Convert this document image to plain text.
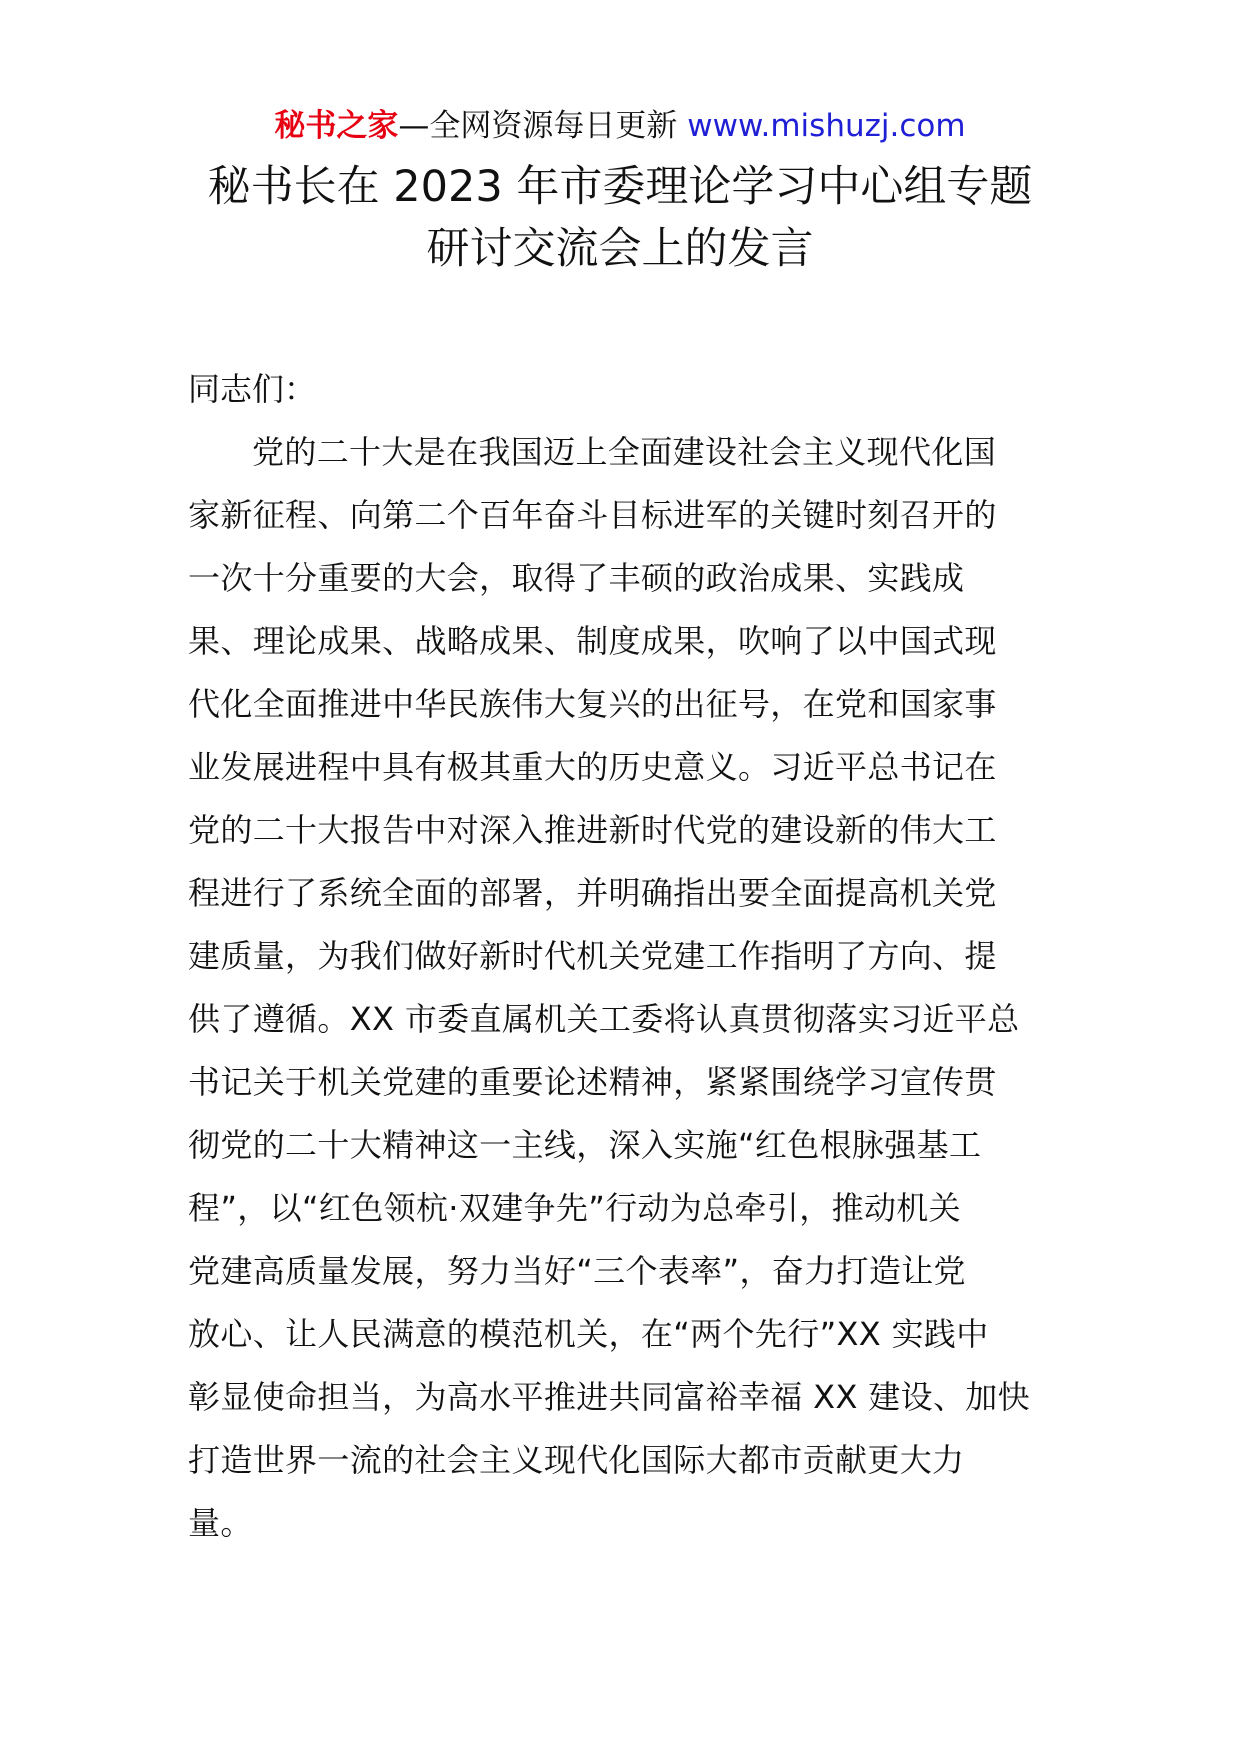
秘书之家—全网资源每日更新 www.mishuzj.com
秘书长在 2023 年市委理论学习中心组专题
研讨交流会上的发言

同志们：

党的二十大是在我国迈上全面建设社会主义现代化国

家新征程、向第二个百年奋斗目标进军的关键时刻召开的

一次十分重要的大会，取得了丰硕的政治成果、实践成

果、理论成果、战略成果、制度成果，吹响了以中国式现

代化全面推进中华民族伟大复兴的出征号，在党和国家事

业发展进程中具有极其重大的历史意义。习近平总书记在

党的二十大报告中对深入推进新时代党的建设新的伟大工

程进行了系统全面的部署，并明确指出要全面提高机关党

建质量，为我们做好新时代机关党建工作指明了方向、提

供了遵循。XX 市委直属机关工委将认真贯彻落实习近平总

书记关于机关党建的重要论述精神，紧紧围绕学习宣传贯

彻党的二十大精神这一主线，深入实施“红色根脉强基工

程”，以“红色领杭·双建争先”行动为总牵引，推动机关

党建高质量发展，努力当好“三个表率”，奋力打造让党

放心、让人民满意的模范机关，在“两个先行”XX 实践中

彰显使命担当，为高水平推进共同富裕幸福 XX 建设、加快

打造世界一流的社会主义现代化国际大都市贡献更大力

量。
